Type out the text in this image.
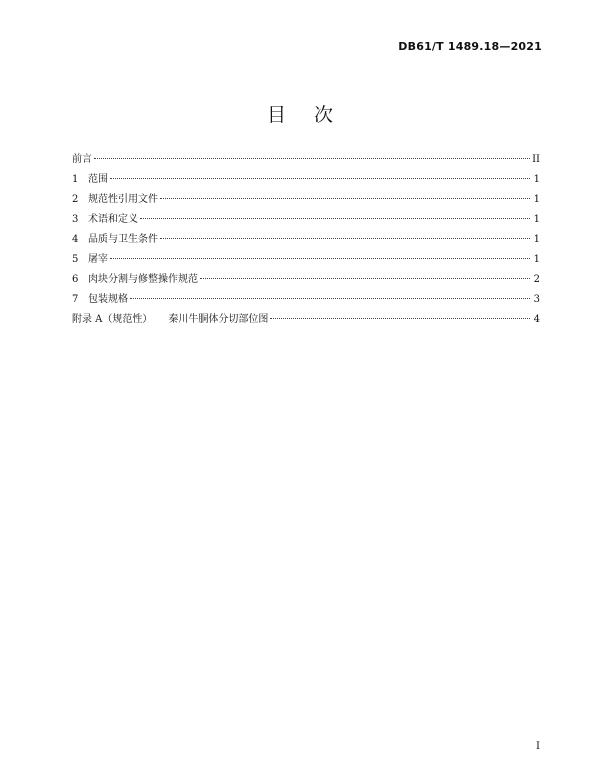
DB61/T 1489.18—2021
目 次
前言	II
1 范围	1
2 规范性引用文件	1
3 术语和定义	1
4 品质与卫生条件	1
5 屠宰	1
6 肉块分割与修整操作规范	2
7 包装规格	3
附录 A（规范性） 秦川牛胴体分切部位图	4
I
